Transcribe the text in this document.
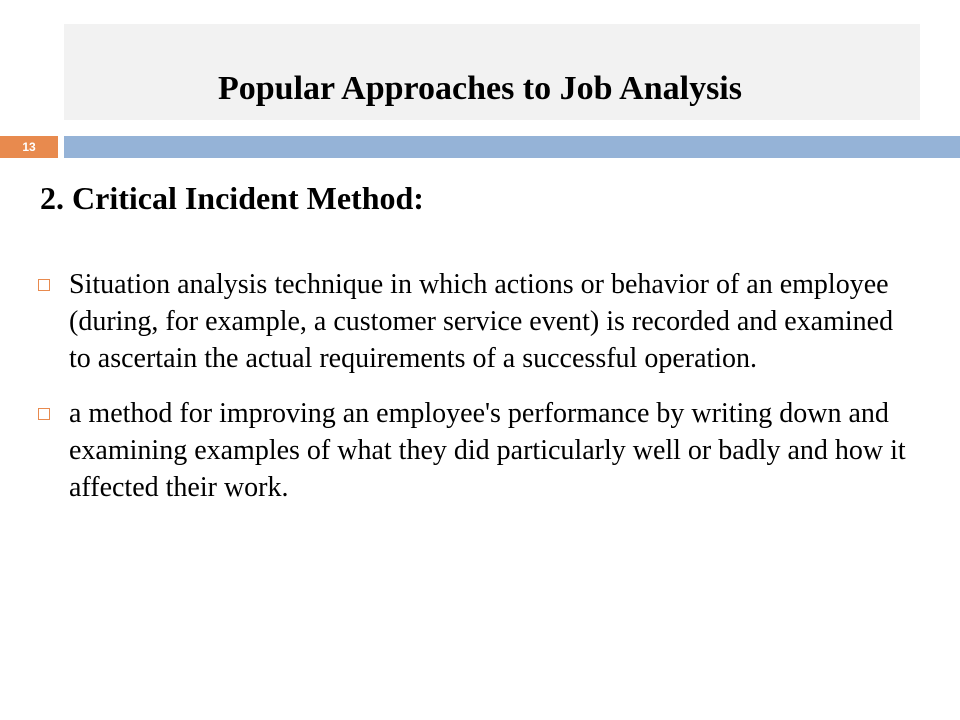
Popular Approaches to Job Analysis
13
2. Critical Incident Method:
Situation analysis technique in which actions or behavior of an employee (during, for example, a customer service event) is recorded and examined to ascertain the actual requirements of a successful operation.
a method for improving an employee's performance by writing down and examining examples of what they did particularly well or badly and how it affected their work.
